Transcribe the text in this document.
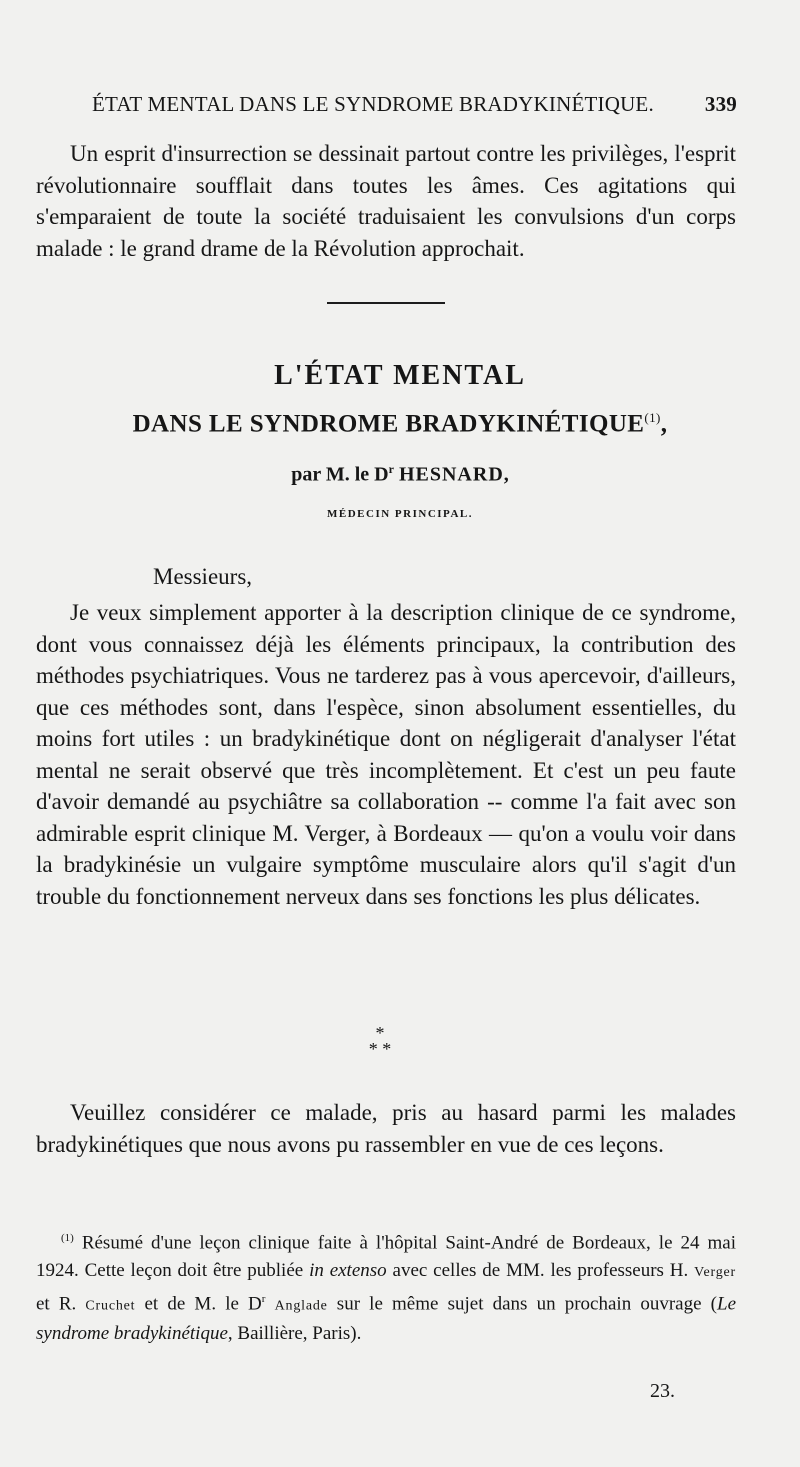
ÉTAT MENTAL DANS LE SYNDROME BRADYKINÉTIQUE. 339

Un esprit d'insurrection se dessinait partout contre les privilèges, l'esprit révolutionnaire soufflait dans toutes les âmes. Ces agitations qui s'emparaient de toute la société traduisaient les convulsions d'un corps malade : le grand drame de la Révolution approchait.

L'ÉTAT MENTAL
DANS LE SYNDROME BRADYKINÉTIQUE$^{(1)}$,
par M. le $D^r$ HESNARD,
MÉDECIN PRINCIPAL.
Messieurs,

Je veux simplement apporter à la description clinique de ce syndrome, dont vous connaissez déjà les éléments principaux, la contribution des méthodes psychiatriques. Vous ne tarderez pas à vous apercevoir, d'ailleurs, que ces méthodes sont, dans l'espèce, sinon absolument essentielles, du moins fort utiles : un bradykinétique dont on négligerait d'analyser l'état mental ne serait observé que très incomplètement. Et c'est un peu faute d'avoir demandé au psychiâtre sa collaboration -- comme l'a fait avec son admirable esprit clinique M. Verger, à Bordeaux — qu'on a voulu voir dans la bradykinésie un vulgaire symptôme musculaire alors qu'il s'agit d'un trouble du fonctionnement nerveux dans ses fonctions les plus délicates.

*
* *

Veuillez considérer ce malade, pris au hasard parmi les malades bradykinétiques que nous avons pu rassembler en vue de ces leçons.

$^{(1)}$ Résumé d'une leçon clinique faite à l'hôpital Saint-André de Bordeaux, le 24 mai 1924. Cette leçon doit être publiée in extenso avec celles de MM. les professeurs H. Verger et R. Cruchet et de M. le $D^r$ Anglade sur le même sujet dans un prochain ouvrage (Le syndrome bradykinétique, Baillière, Paris).

23.
